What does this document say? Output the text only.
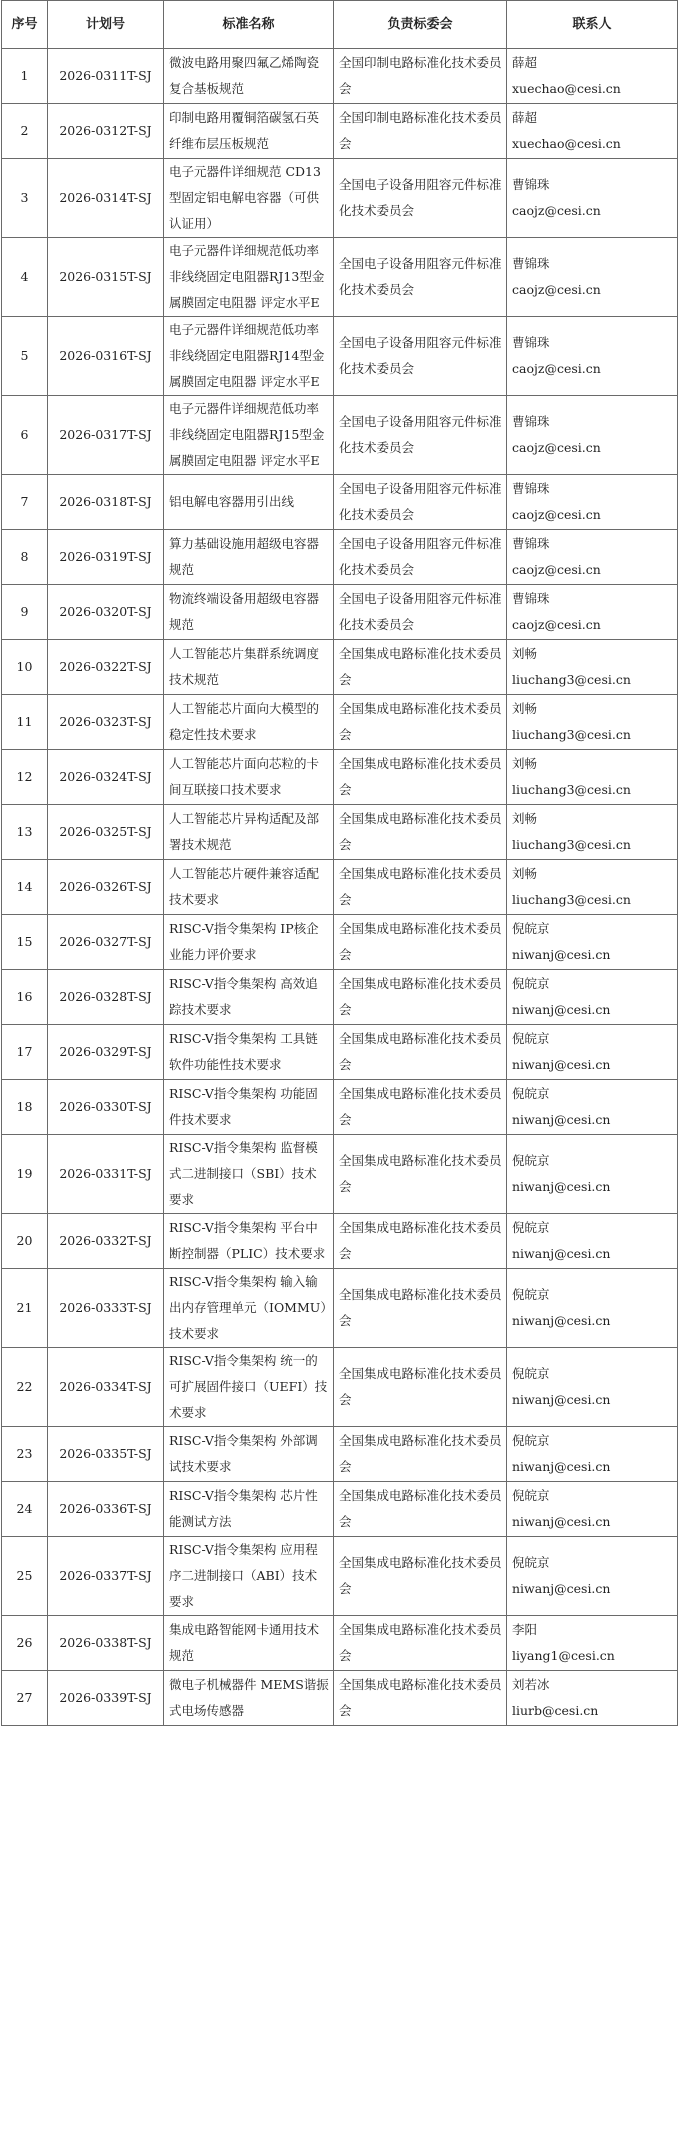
序号	计划号	标准名称	负责标委会	联系人
1	2026-0311T-SJ	微波电路用聚四氟乙烯陶瓷复合基板规范	全国印制电路标准化技术委员会	薛超
xuechao@cesi.cn

2	2026-0312T-SJ	印制电路用覆铜箔碳氢石英纤维布层压板规范	全国印制电路标准化技术委员会	薛超
xuechao@cesi.cn

3	2026-0314T-SJ	电子元器件详细规范 CD13型固定铝电解电容器（可供认证用）	全国电子设备用阻容元件标准化技术委员会	曹锦珠
caojz@cesi.cn

4	2026-0315T-SJ	电子元器件详细规范低功率非线绕固定电阻器RJ13型金属膜固定电阻器 评定水平E	全国电子设备用阻容元件标准化技术委员会	曹锦珠
caojz@cesi.cn

5	2026-0316T-SJ	电子元器件详细规范低功率非线绕固定电阻器RJ14型金属膜固定电阻器 评定水平E	全国电子设备用阻容元件标准化技术委员会	曹锦珠
caojz@cesi.cn

6	2026-0317T-SJ	电子元器件详细规范低功率非线绕固定电阻器RJ15型金属膜固定电阻器 评定水平E	全国电子设备用阻容元件标准化技术委员会	曹锦珠
caojz@cesi.cn

7	2026-0318T-SJ	铝电解电容器用引出线	全国电子设备用阻容元件标准化技术委员会	曹锦珠
caojz@cesi.cn

8	2026-0319T-SJ	算力基础设施用超级电容器规范	全国电子设备用阻容元件标准化技术委员会	曹锦珠
caojz@cesi.cn

9	2026-0320T-SJ	物流终端设备用超级电容器规范	全国电子设备用阻容元件标准化技术委员会	曹锦珠
caojz@cesi.cn

10	2026-0322T-SJ	人工智能芯片集群系统调度技术规范	全国集成电路标准化技术委员会	刘畅
liuchang3@cesi.cn

11	2026-0323T-SJ	人工智能芯片面向大模型的稳定性技术要求	全国集成电路标准化技术委员会	刘畅
liuchang3@cesi.cn

12	2026-0324T-SJ	人工智能芯片面向芯粒的卡间互联接口技术要求	全国集成电路标准化技术委员会	刘畅
liuchang3@cesi.cn

13	2026-0325T-SJ	人工智能芯片异构适配及部署技术规范	全国集成电路标准化技术委员会	刘畅
liuchang3@cesi.cn

14	2026-0326T-SJ	人工智能芯片硬件兼容适配技术要求	全国集成电路标准化技术委员会	刘畅
liuchang3@cesi.cn

15	2026-0327T-SJ	RISC-V指令集架构 IP核企业能力评价要求	全国集成电路标准化技术委员会	倪皖京
niwanj@cesi.cn

16	2026-0328T-SJ	RISC-V指令集架构 高效追踪技术要求	全国集成电路标准化技术委员会	倪皖京
niwanj@cesi.cn

17	2026-0329T-SJ	RISC-V指令集架构 工具链软件功能性技术要求	全国集成电路标准化技术委员会	倪皖京
niwanj@cesi.cn

18	2026-0330T-SJ	RISC-V指令集架构 功能固件技术要求	全国集成电路标准化技术委员会	倪皖京
niwanj@cesi.cn

19	2026-0331T-SJ	RISC-V指令集架构 监督模式二进制接口（SBI）技术要求	全国集成电路标准化技术委员会	倪皖京
niwanj@cesi.cn

20	2026-0332T-SJ	RISC-V指令集架构 平台中断控制器（PLIC）技术要求	全国集成电路标准化技术委员会	倪皖京
niwanj@cesi.cn

21	2026-0333T-SJ	RISC-V指令集架构 输入输出内存管理单元（IOMMU）技术要求	全国集成电路标准化技术委员会	倪皖京
niwanj@cesi.cn

22	2026-0334T-SJ	RISC-V指令集架构 统一的可扩展固件接口（UEFI）技术要求	全国集成电路标准化技术委员会	倪皖京
niwanj@cesi.cn

23	2026-0335T-SJ	RISC-V指令集架构 外部调试技术要求	全国集成电路标准化技术委员会	倪皖京
niwanj@cesi.cn

24	2026-0336T-SJ	RISC-V指令集架构 芯片性能测试方法	全国集成电路标准化技术委员会	倪皖京
niwanj@cesi.cn

25	2026-0337T-SJ	RISC-V指令集架构 应用程序二进制接口（ABI）技术要求	全国集成电路标准化技术委员会	倪皖京
niwanj@cesi.cn

26	2026-0338T-SJ	集成电路智能网卡通用技术规范	全国集成电路标准化技术委员会	李阳
liyang1@cesi.cn

27	2026-0339T-SJ	微电子机械器件 MEMS谐振式电场传感器	全国集成电路标准化技术委员会	刘若冰
liurb@cesi.cn
